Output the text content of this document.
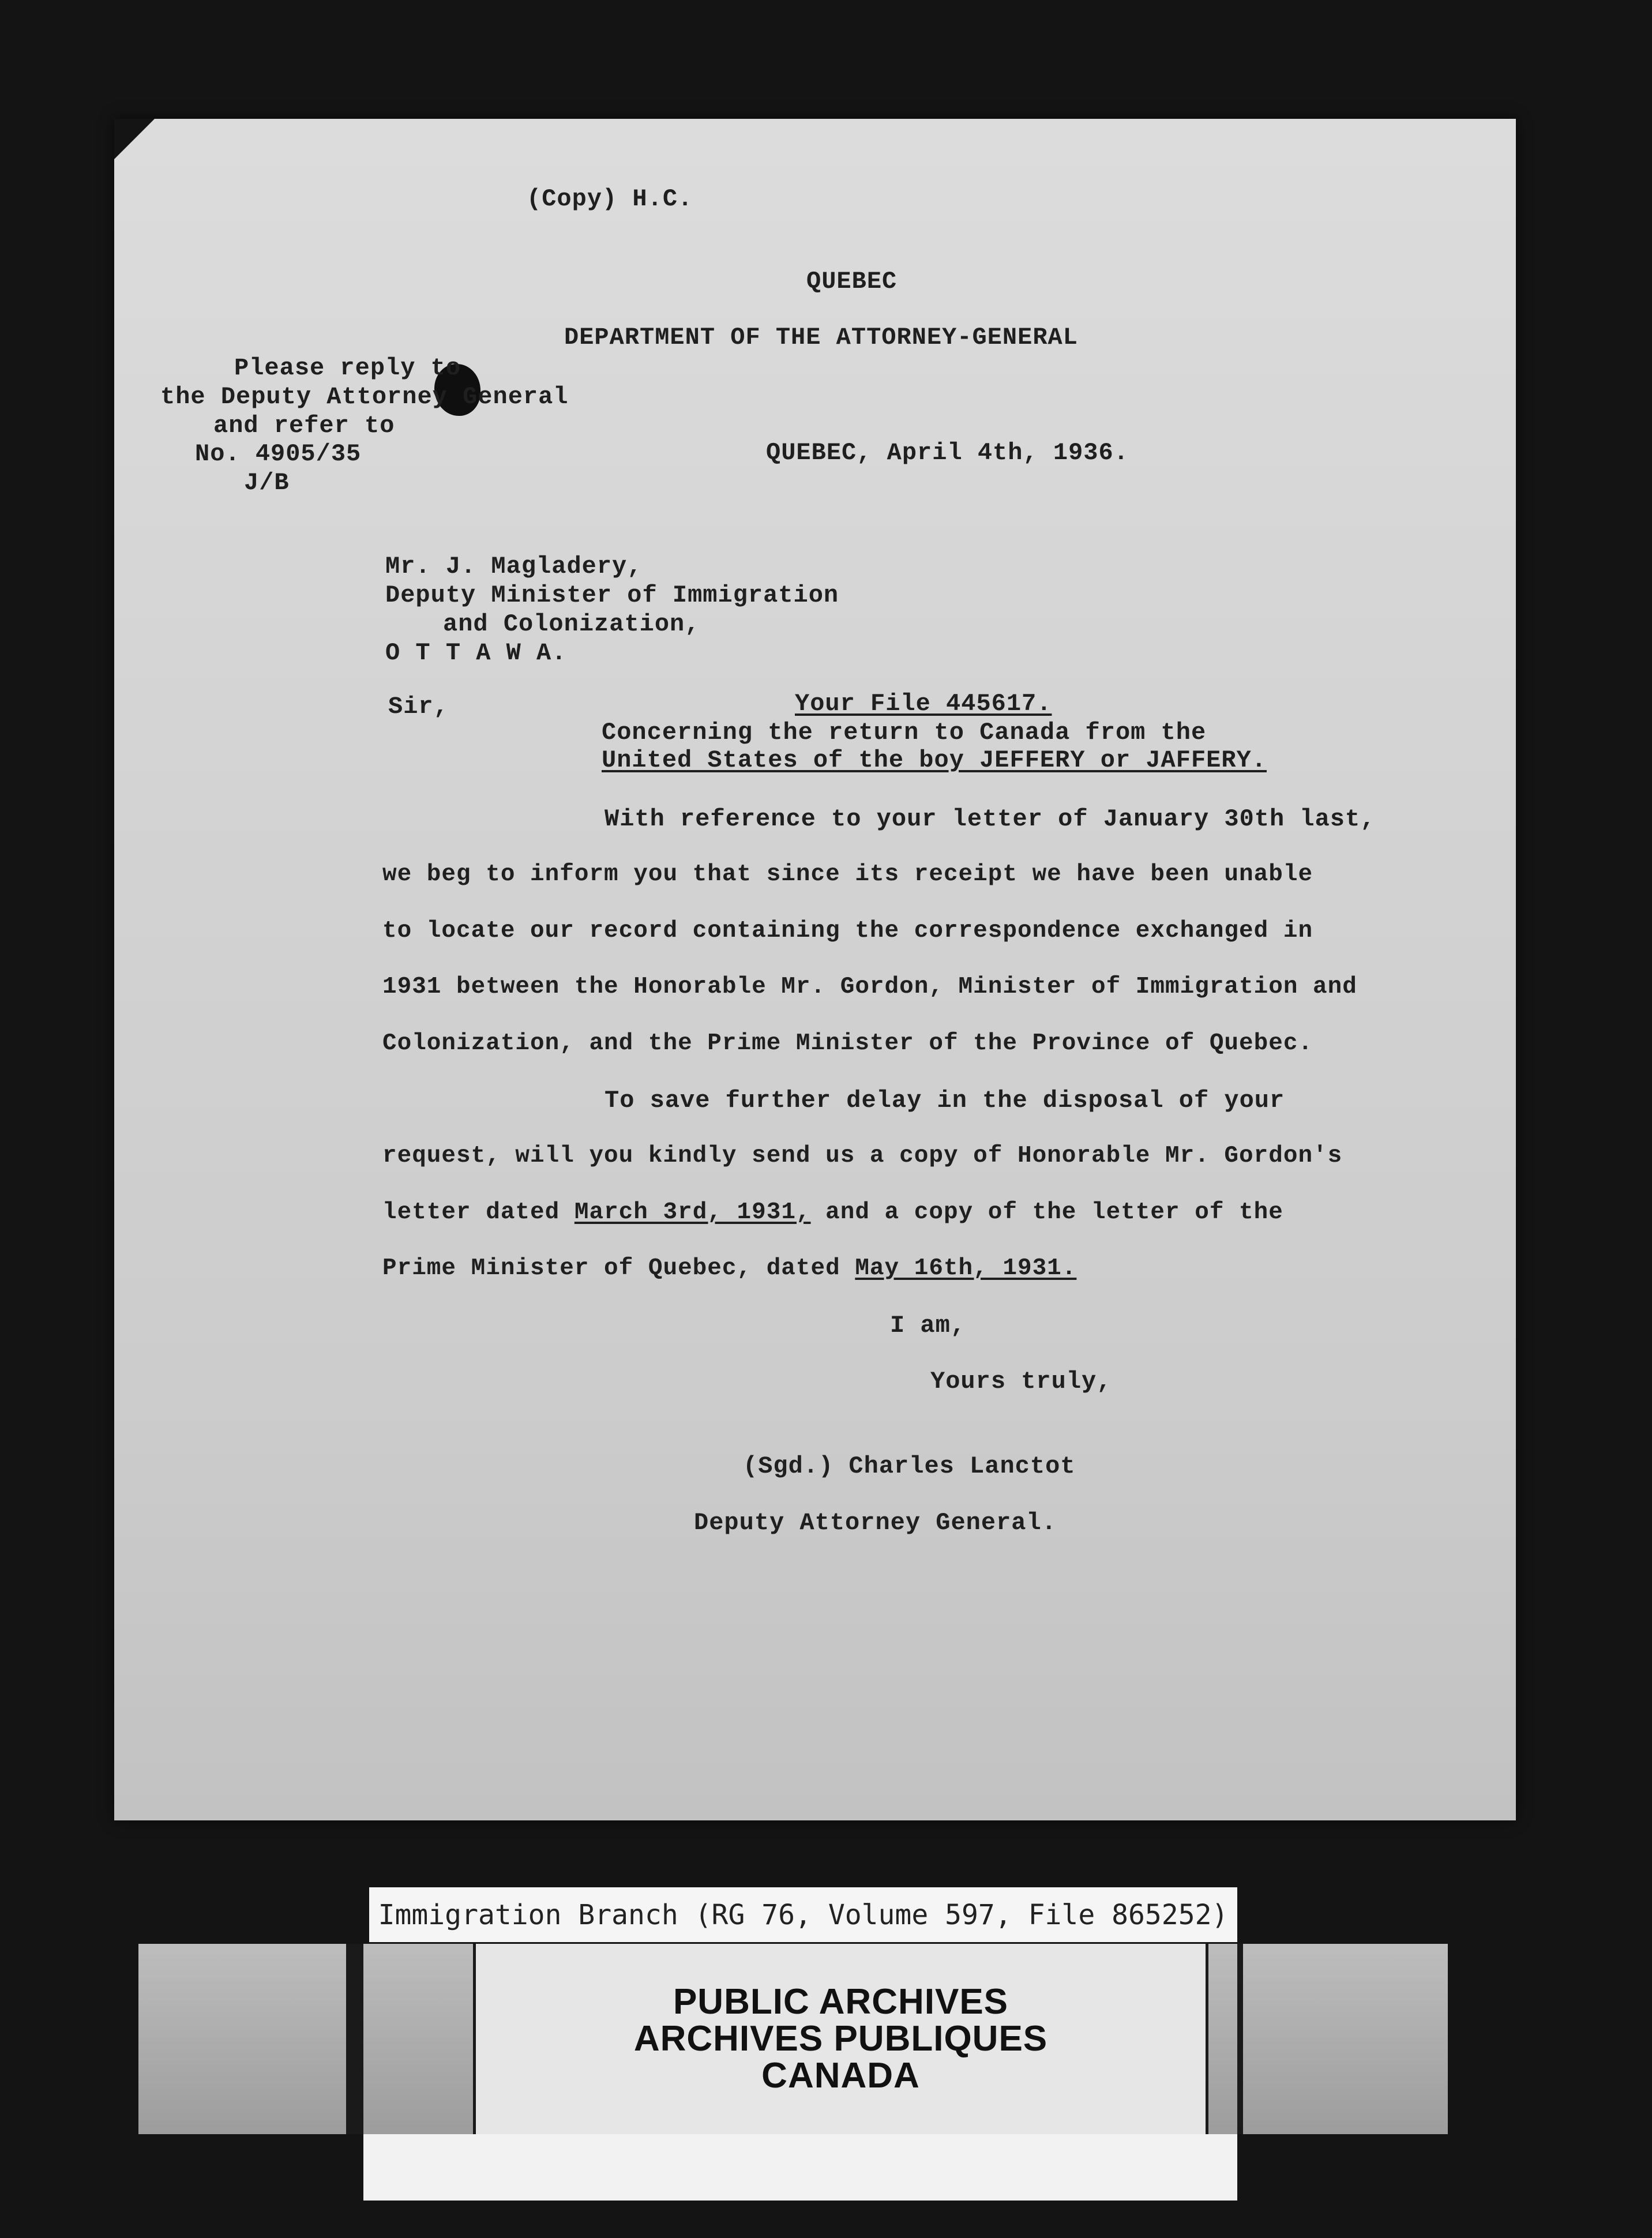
(Copy) H.C.
QUEBEC
DEPARTMENT OF THE ATTORNEY-GENERAL
Please reply to
the Deputy Attorney General
and refer to
No. 4905/35
J/B
QUEBEC, April 4th, 1936.
Mr. J. Magladery,
Deputy Minister of Immigration
and Colonization,
O T T A W A.
Sir,	Your File 445617.
Concerning the return to Canada from the
United States of the boy JEFFERY or JAFFERY.
With reference to your letter of January 30th last,
we beg to inform you that since its receipt we have been unable
to locate our record containing the correspondence exchanged in
1931 between the Honorable Mr. Gordon, Minister of Immigration and
Colonization, and the Prime Minister of the Province of Quebec.
To save further delay in the disposal of your
request, will you kindly send us a copy of Honorable Mr. Gordon's
letter dated March 3rd, 1931, and a copy of the letter of the
Prime Minister of Quebec, dated May 16th, 1931.
I am,
Yours truly,
(Sgd.) Charles Lanctot
Deputy Attorney General.
Immigration Branch (RG 76, Volume 597, File 865252)
PUBLIC ARCHIVES
ARCHIVES PUBLIQUES
CANADA
